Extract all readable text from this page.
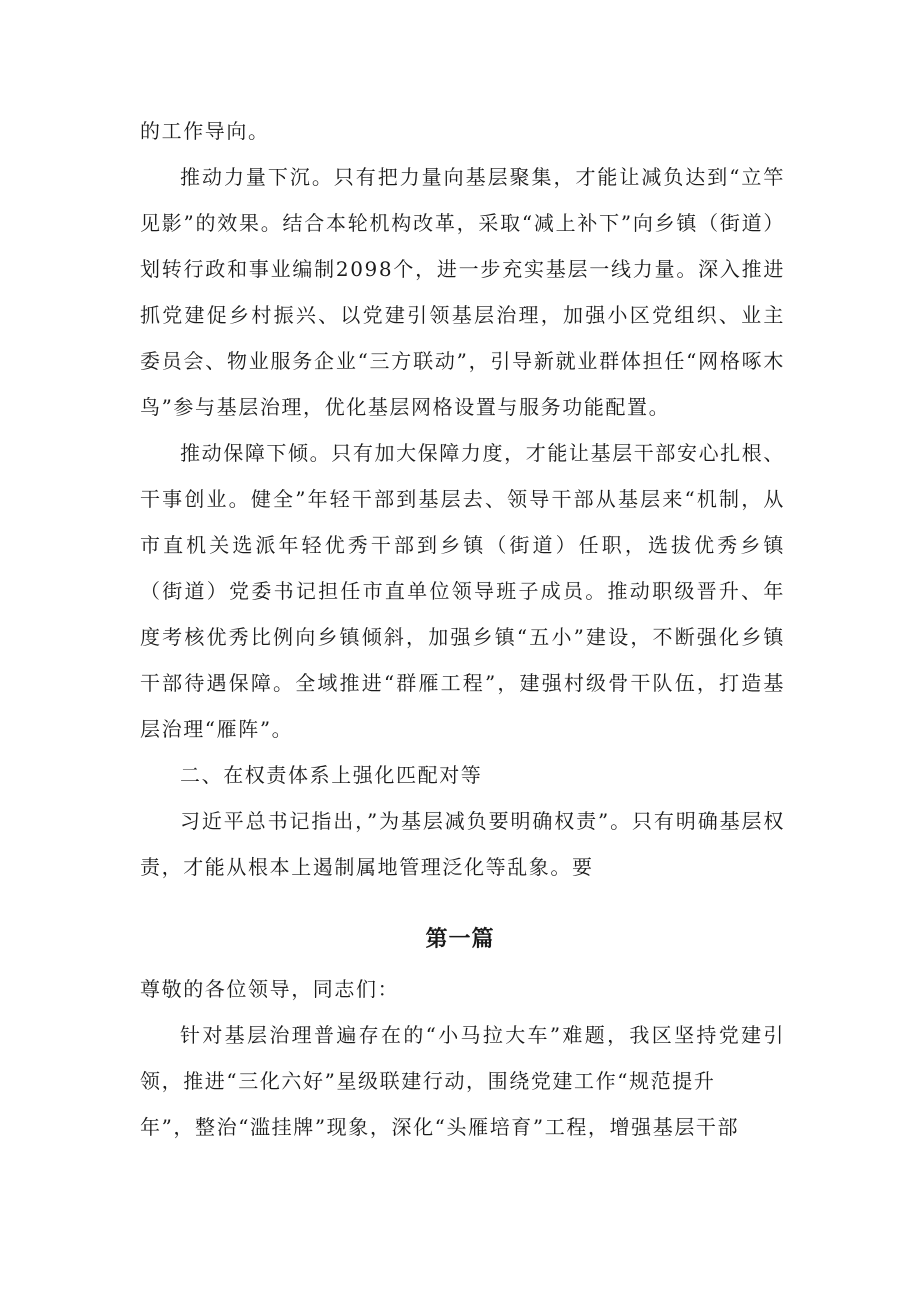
的工作导向。

推动力量下沉。只有把力量向基层聚集，才能让减负达到“立竿见影”的效果。结合本轮机构改革，采取“减上补下”向乡镇（街道）划转行政和事业编制2098个，进一步充实基层一线力量。深入推进抓党建促乡村振兴、以党建引领基层治理，加强小区党组织、业主委员会、物业服务企业“三方联动”，引导新就业群体担任“网格啄木鸟”参与基层治理，优化基层网格设置与服务功能配置。

推动保障下倾。只有加大保障力度，才能让基层干部安心扎根、干事创业。健全”年轻干部到基层去、领导干部从基层来“机制，从市直机关选派年轻优秀干部到乡镇（街道）任职，选拔优秀乡镇（街道）党委书记担任市直单位领导班子成员。推动职级晋升、年度考核优秀比例向乡镇倾斜，加强乡镇“五小”建设，不断强化乡镇干部待遇保障。全域推进“群雁工程”，建强村级骨干队伍，打造基层治理“雁阵”。

二、在权责体系上强化匹配对等

习近平总书记指出，”为基层减负要明确权责”。只有明确基层权责，才能从根本上遏制属地管理泛化等乱象。要

第一篇

尊敬的各位领导，同志们：

针对基层治理普遍存在的“小马拉大车”难题，我区坚持党建引领，推进“三化六好”星级联建行动，围绕党建工作“规范提升

年”，整治“滥挂牌”现象，深化“头雁培育”工程，增强基层干部
